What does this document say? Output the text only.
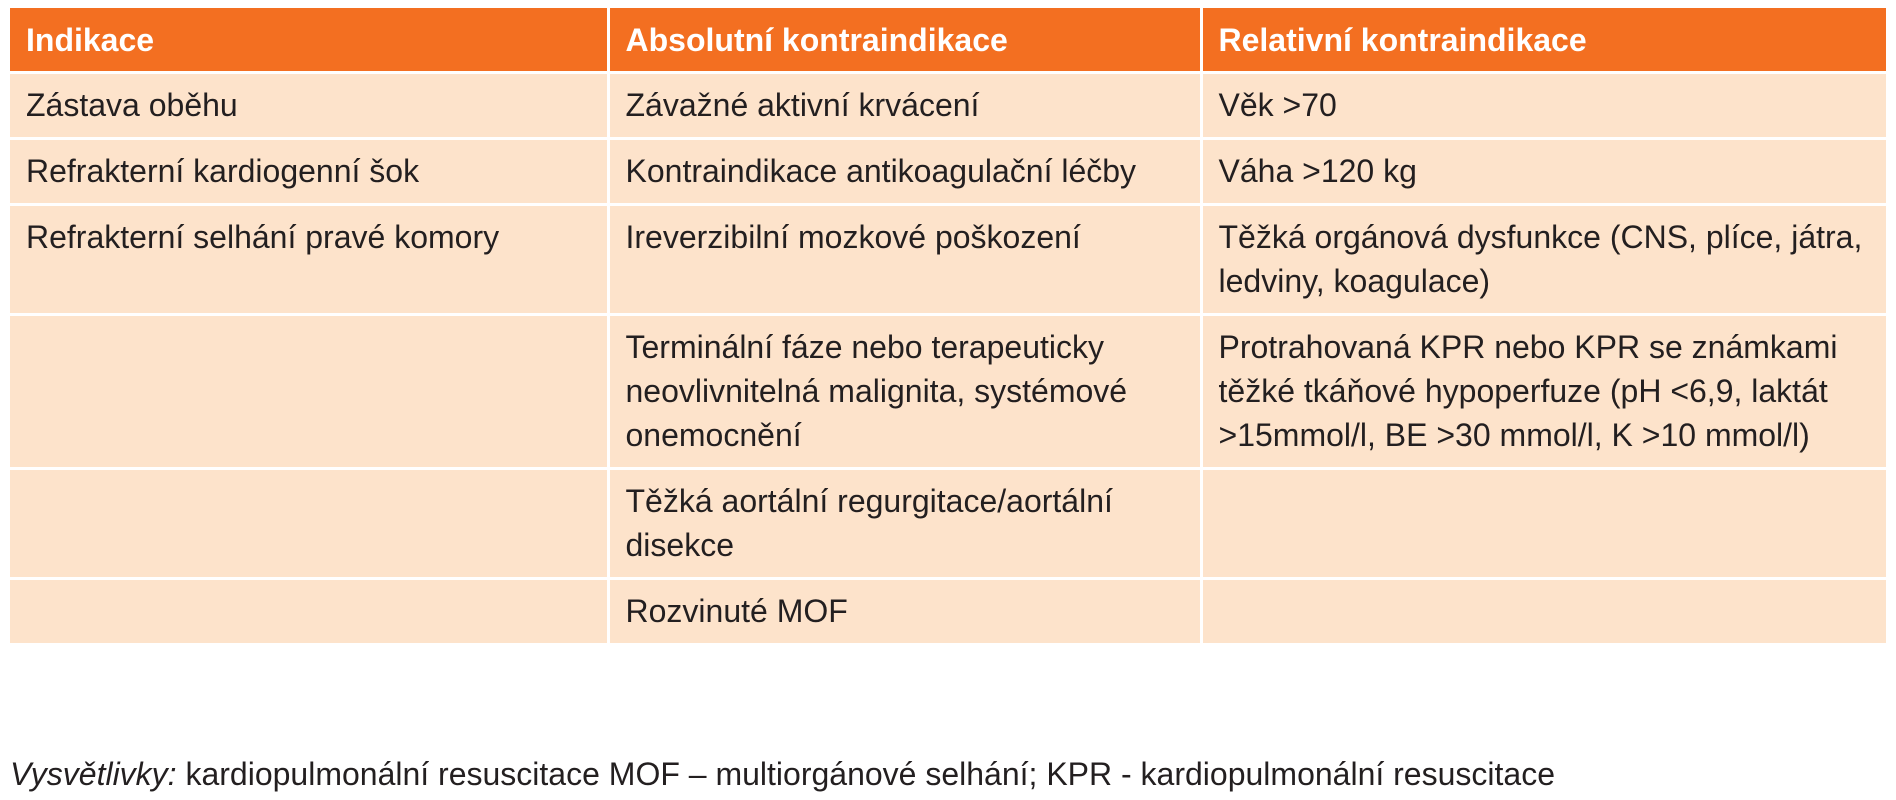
Indikace	Absolutní kontraindikace	Relativní kontraindikace
Zástava oběhu	Závažné aktivní krvácení	Věk >70
Refrakterní kardiogenní šok	Kontraindikace antikoagulační léčby	Váha >120 kg
Refrakterní selhání pravé komory	Ireverzibilní mozkové poškození	Těžká orgánová dysfunkce (CNS, plíce, játra, ledviny, koagulace)
	Terminální fáze nebo terapeuticky neovlivnitelná malignita, systémové onemocnění	Protrahovaná KPR nebo KPR se známkami těžké tkáňové hypoperfuze (pH <6,9, laktát >15mmol/l, BE >30 mmol/l, K >10 mmol/l)
	Těžká aortální regurgitace/aortální disekce	
	Rozvinuté MOF	
Vysvětlivky: kardiopulmonální resuscitace MOF – multiorgánové selhání; KPR - kardiopulmonální resuscitace
